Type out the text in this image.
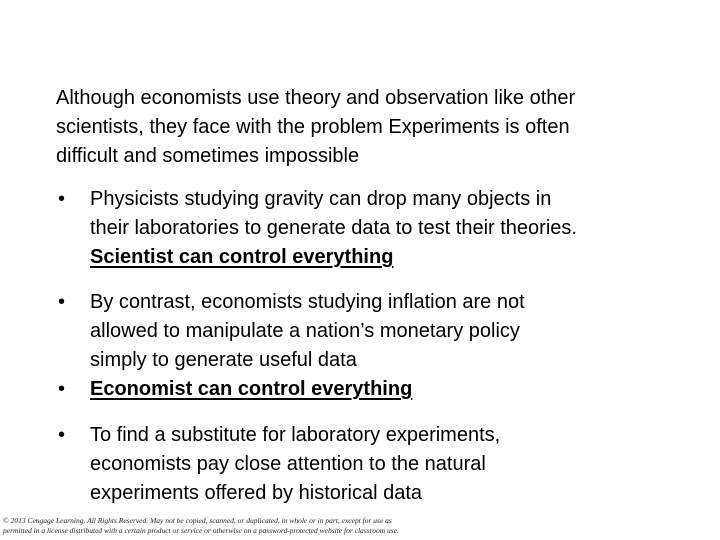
Although economists use theory and observation like other
scientists, they face with the problem Experiments is often
difficult and sometimes impossible
•	Physicists studying gravity can drop many objects in
their laboratories to generate data to test their theories.
Scientist can control everything
•	By contrast, economists studying inflation are not
allowed to manipulate a nation’s monetary policy
simply to generate useful data
•	Economist can control everything
•	To find a substitute for laboratory experiments,
economists pay close attention to the natural
experiments offered by historical data
© 2013 Cengage Learning. All Rights Reserved. May not be copied, scanned, or duplicated, in whole or in part, except for use as
permitted in a license distributed with a certain product or service or otherwise on a password-protected website for classroom use.
